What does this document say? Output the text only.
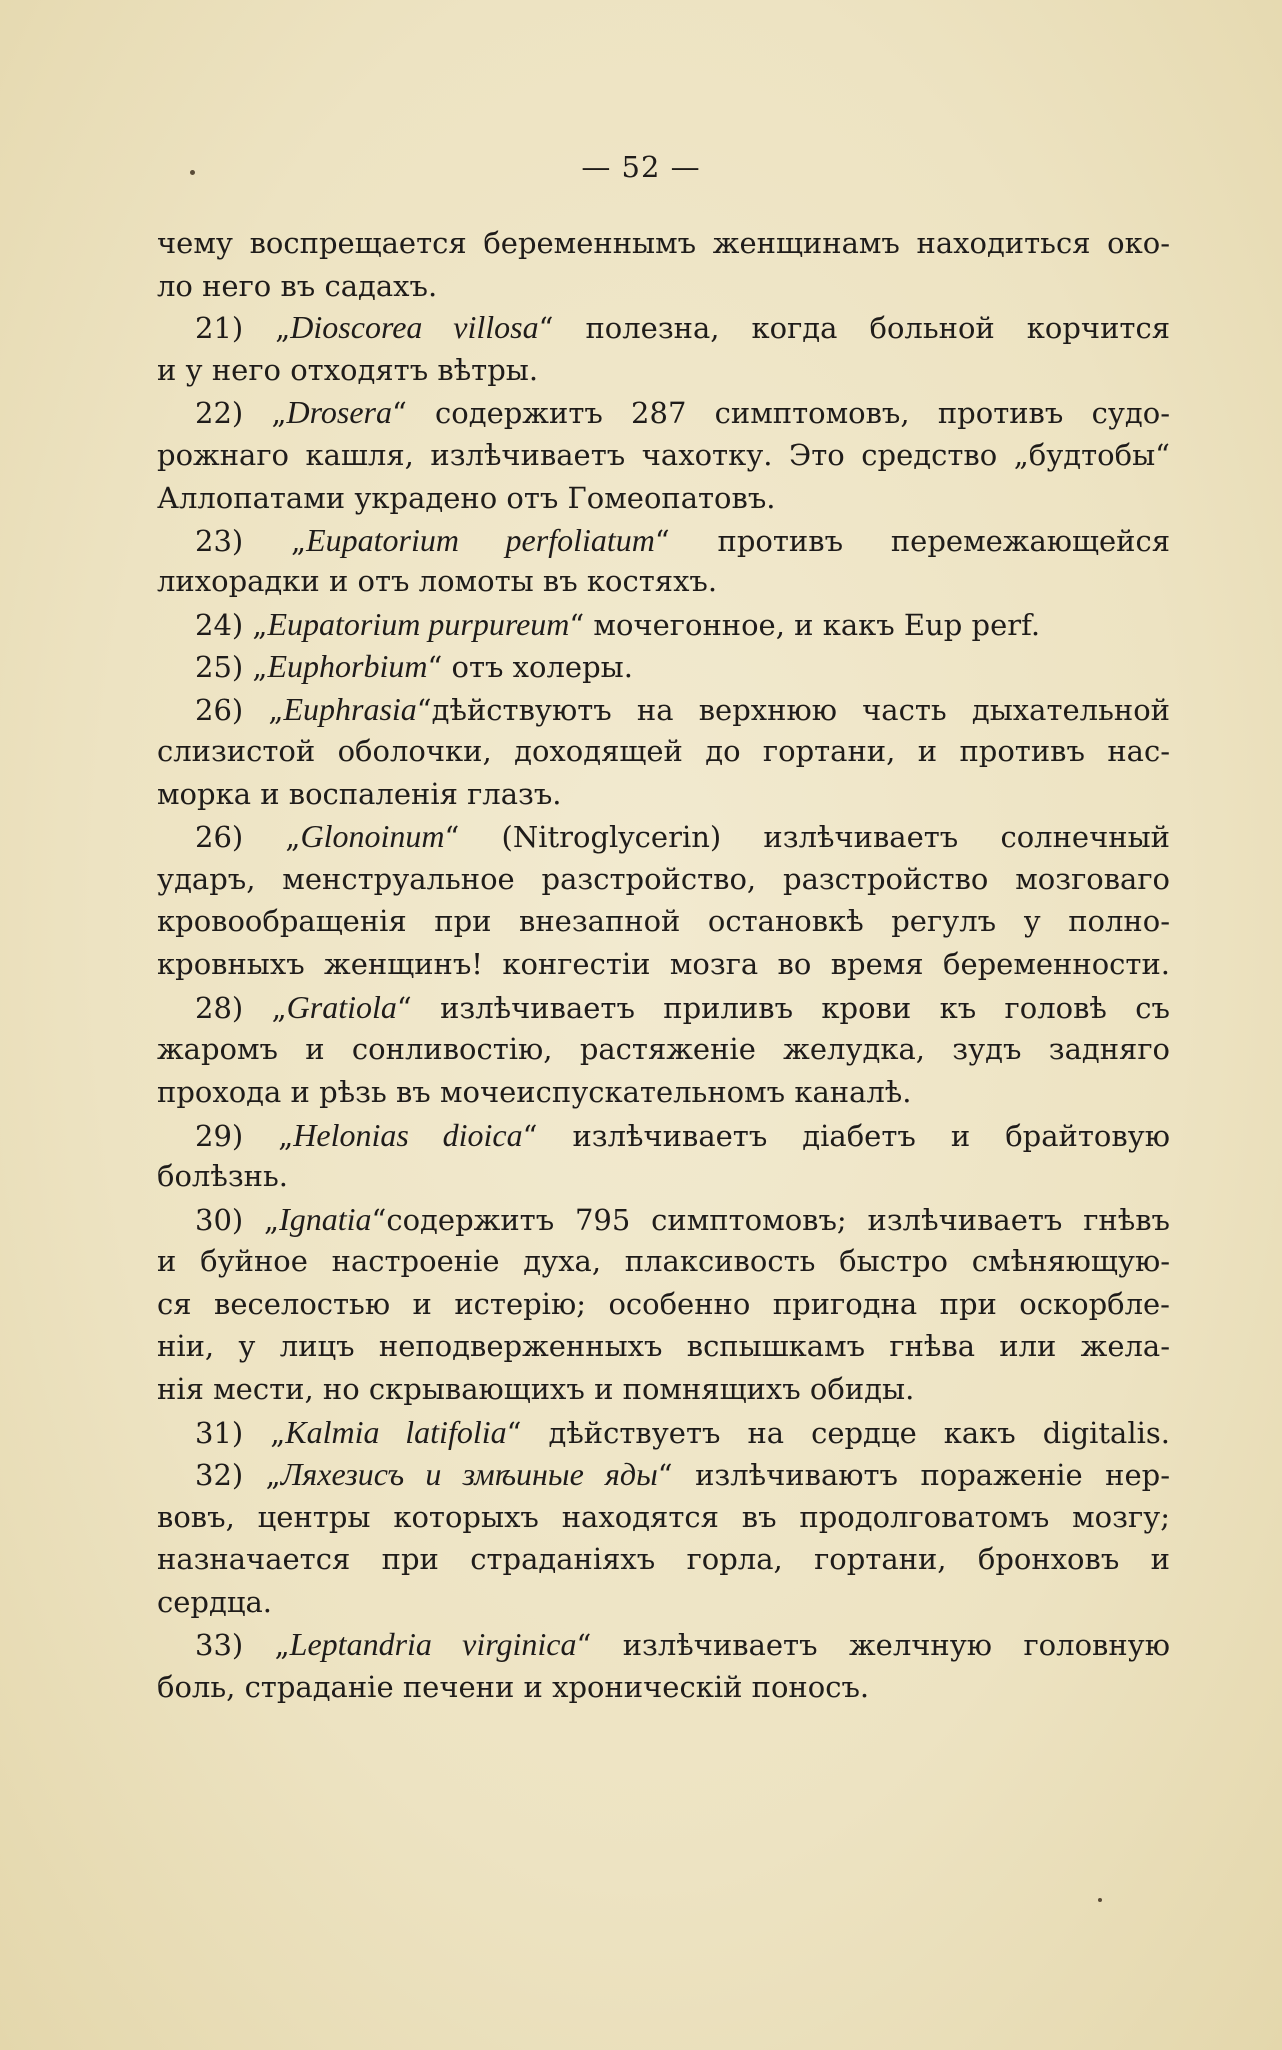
— 52 —
чему воспрещается беременнымъ женщинамъ находиться око-
ло него въ садахъ.
21) „Dioscorea villosa“ полезна, когда больной корчится
и у него отходятъ вѣтры.
22) „Drosera“ содержитъ 287 симптомовъ, противъ судо-
рожнаго кашля, излѣчиваетъ чахотку. Это средство „будтобы“
Аллопатами украдено отъ Гомеопатовъ.
23) „Eupatorium perfoliatum“ противъ перемежающейся
лихорадки и отъ ломоты въ костяхъ.
24) „Eupatorium purpureum“ мочегонное, и какъ Eup perf.
25) „Euphorbium“ отъ холеры.
26) „Euphrasia“дѣйствуютъ на верхнюю часть дыхательной
слизистой оболочки, доходящей до гортани, и противъ нас-
морка и воспаленія глазъ.
26) „Glonoinum“ (Nitroglycerin) излѣчиваетъ солнечный
ударъ, менструальное разстройство, разстройство мозговаго
кровообращенія при внезапной остановкѣ регулъ у полно-
кровныхъ женщинъ! конгестіи мозга во время беременности.
28) „Gratiola“ излѣчиваетъ приливъ крови къ головѣ съ
жаромъ и сонливостію, растяженіе желудка, зудъ задняго
прохода и рѣзь въ мочеиспускательномъ каналѣ.
29) „Helonias dioica“ излѣчиваетъ діабетъ и брайтовую
болѣзнь.
30) „Ignatia“содержитъ 795 симптомовъ; излѣчиваетъ гнѣвъ
и буйное настроеніе духа, плаксивость быстро смѣняющую-
ся веселостью и истерію; особенно пригодна при оскорбле-
ніи, у лицъ неподверженныхъ вспышкамъ гнѣва или жела-
нія мести, но скрывающихъ и помнящихъ обиды.
31) „Kalmia latifolia“ дѣйствуетъ на сердце какъ digitalis.
32) „Ляхезисъ и змѣиные яды“ излѣчиваютъ пораженіе нер-
вовъ, центры которыхъ находятся въ продолговатомъ мозгу;
назначается при страданіяхъ горла, гортани, бронховъ и
сердца.
33) „Leptandria virginica“ излѣчиваетъ желчную головную
боль, страданіе печени и хроническій поносъ.
